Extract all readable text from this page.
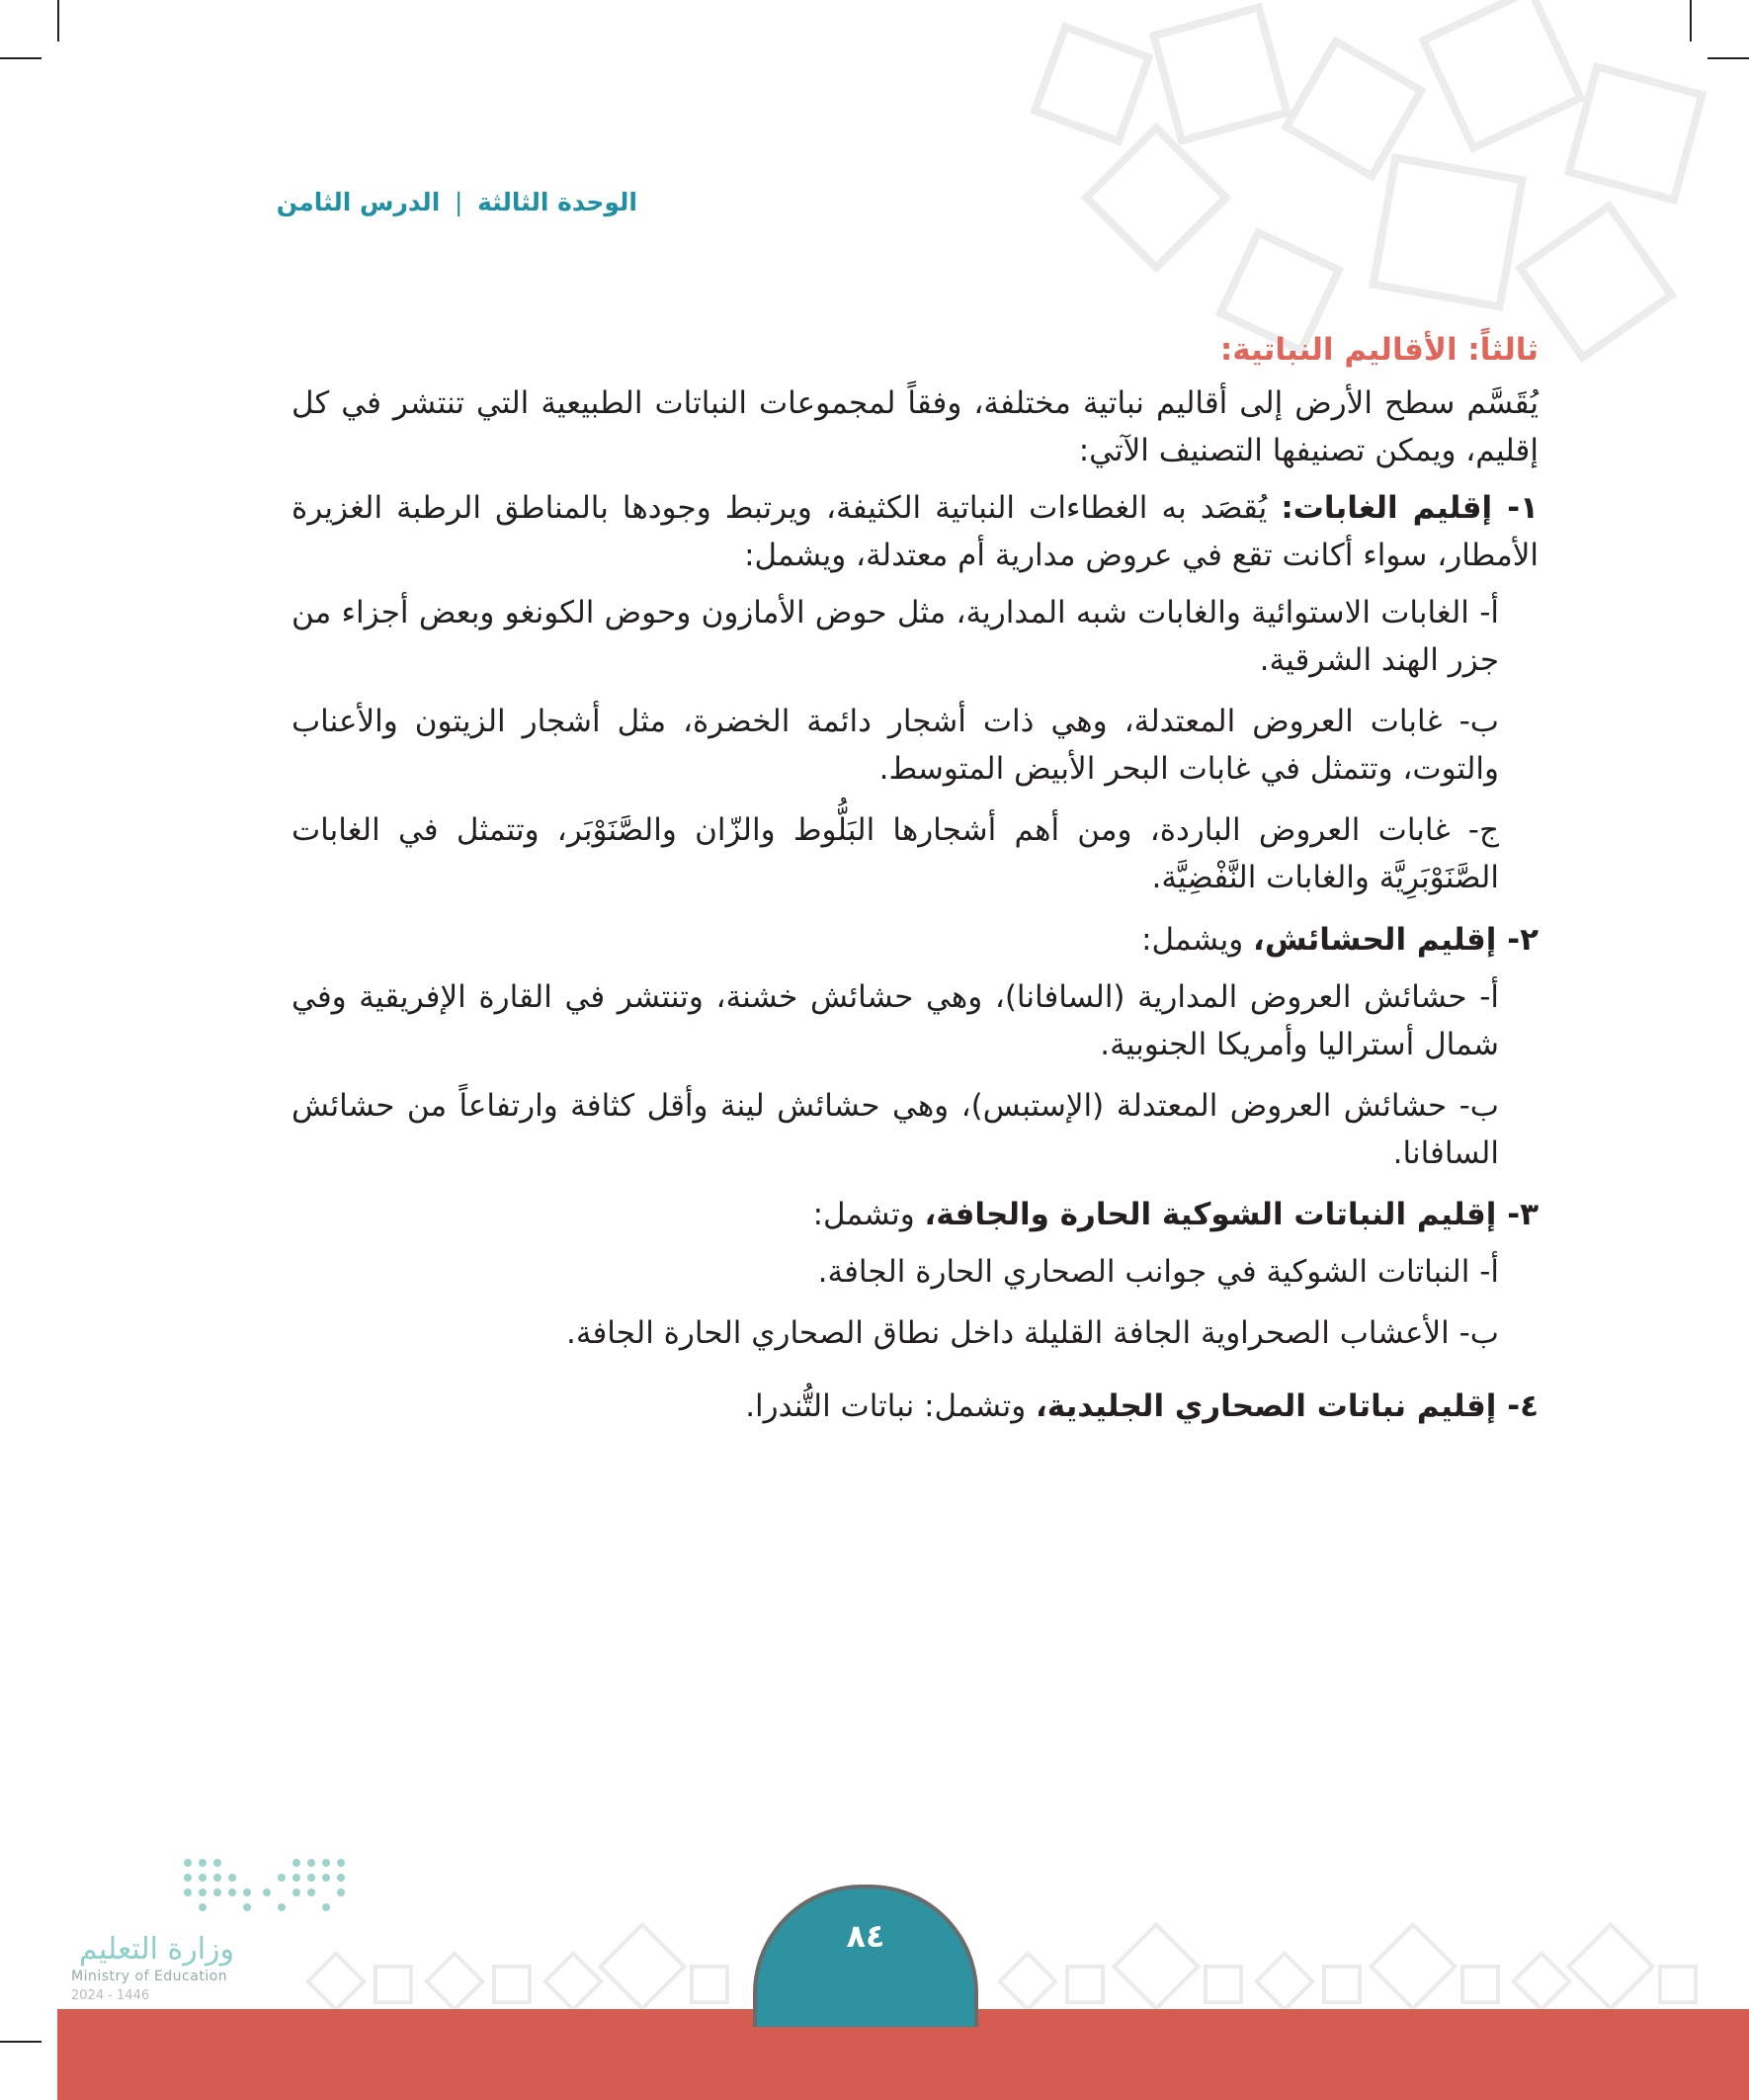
الوحدة الثالثة | الدرس الثامن
ثالثاً: الأقاليم النباتية:

يُقَسَّم سطح الأرض إلى أقاليم نباتية مختلفة، وفقاً لمجموعات النباتات الطبيعية التي تنتشر في كل إقليم، ويمكن تصنيفها التصنيف الآتي:

١- إقليم الغابات: يُقصَد به الغطاءات النباتية الكثيفة، ويرتبط وجودها بالمناطق الرطبة الغزيرة الأمطار، سواء أكانت تقع في عروض مدارية أم معتدلة، ويشمل:

أ- الغابات الاستوائية والغابات شبه المدارية، مثل حوض الأمازون وحوض الكونغو وبعض أجزاء من جزر الهند الشرقية.

ب- غابات العروض المعتدلة، وهي ذات أشجار دائمة الخضرة، مثل أشجار الزيتون والأعناب والتوت، وتتمثل في غابات البحر الأبيض المتوسط.

ج- غابات العروض الباردة، ومن أهم أشجارها البَلُّوط والزّان والصَّنَوْبَر، وتتمثل في الغابات الصَّنَوْبَرِيَّة والغابات النَّفْضِيَّة.

٢- إقليم الحشائش، ويشمل:

أ- حشائش العروض المدارية (السافانا)، وهي حشائش خشنة، وتنتشر في القارة الإفريقية وفي شمال أستراليا وأمريكا الجنوبية.

ب- حشائش العروض المعتدلة (الإستبس)، وهي حشائش لينة وأقل كثافة وارتفاعاً من حشائش السافانا.

٣- إقليم النباتات الشوكية الحارة والجافة، وتشمل:

أ- النباتات الشوكية في جوانب الصحاري الحارة الجافة.

ب- الأعشاب الصحراوية الجافة القليلة داخل نطاق الصحاري الحارة الجافة.

٤- إقليم نباتات الصحاري الجليدية، وتشمل: نباتات التُّندرا.

وزارة التعليم
Ministry of Education
2024 - 1446
٨٤
